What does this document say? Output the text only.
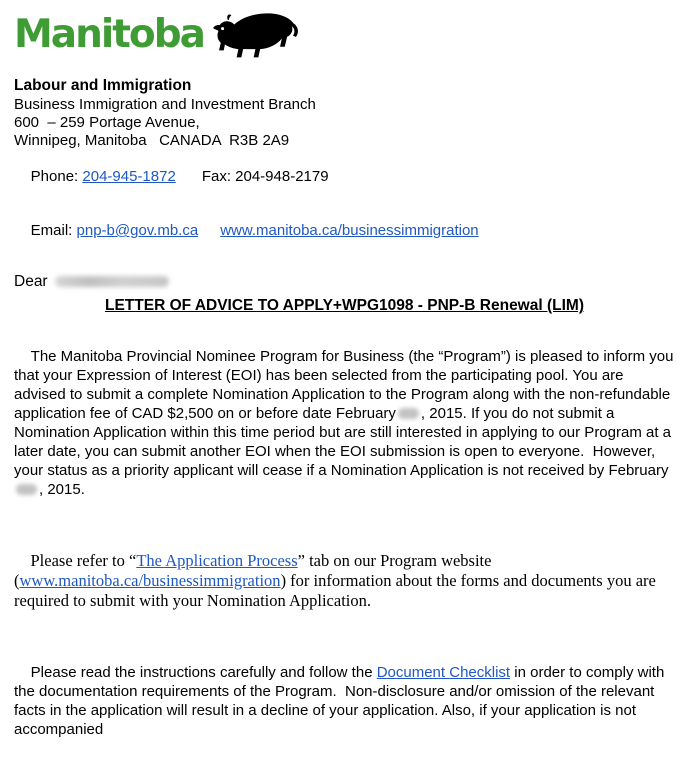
Manitoba
Labour and Immigration
Business Immigration and Investment Branch
600  – 259 Portage Avenue,
Winnipeg, Manitoba   CANADA  R3B 2A9

Phone: 204-945-1872 Fax: 204-948-2179

Email: pnp-b@gov.mb.ca www.manitoba.ca/businessimmigration

Dear
LETTER OF ADVICE TO APPLY+WPG1098 - PNP-B Renewal (LIM)

The Manitoba Provincial Nominee Program for Business (the “Program”) is pleased to inform you that your Expression of Interest (EOI) has been selected from the participating pool. You are advised to submit a complete Nomination Application to the Program along with the non-refundable application fee of CAD $2,500 on or before date February , 2015. If you do not submit a Nomination Application within this time period but are still interested in applying to our Program at a later date, you can submit another EOI when the EOI submission is open to everyone.  However, your status as a priority applicant will cease if a Nomination Application is not received by February, 2015.

Please refer to “The Application Process” tab on our Program website (www.manitoba.ca/businessimmigration) for information about the forms and documents you are required to submit with your Nomination Application.

Please read the instructions carefully and follow the Document Checklist in order to comply with the documentation requirements of the Program.  Non-disclosure and/or omission of the relevant facts in the application will result in a decline of your application. Also, if your application is not accompanied
